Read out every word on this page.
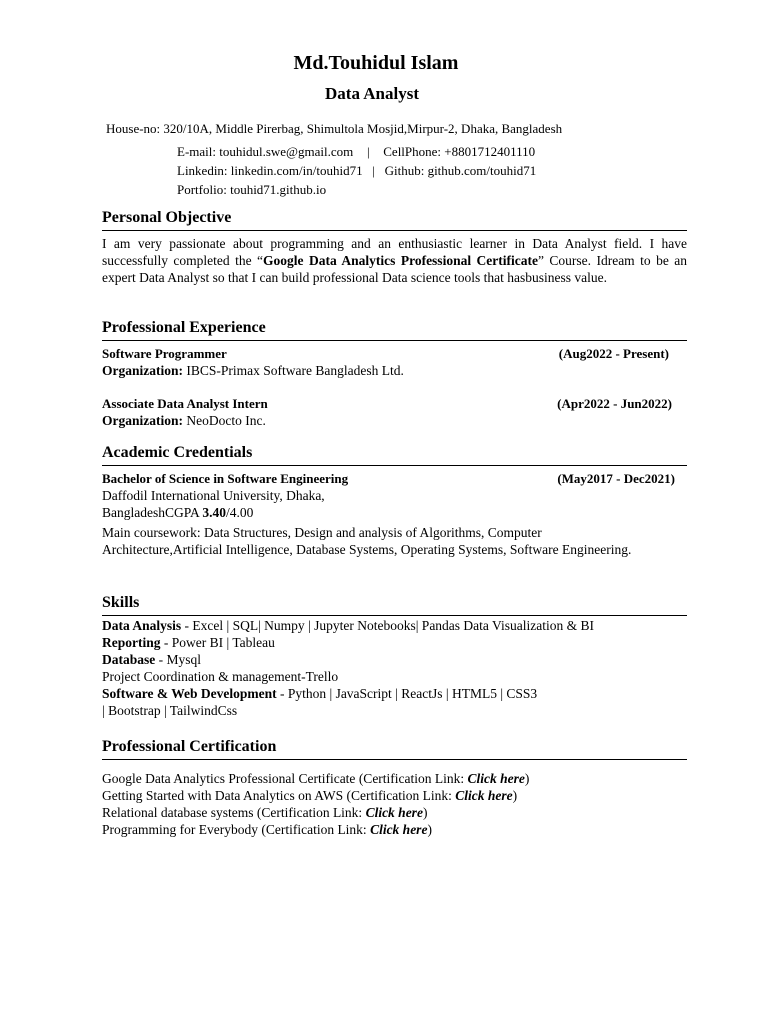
Md.Touhidul Islam
Data Analyst
House-no: 320/10A, Middle Pirerbag, Shimultola Mosjid,Mirpur-2, Dhaka, Bangladesh
E-mail: touhidul.swe@gmail.com | CellPhone: +8801712401110
Linkedin: linkedin.com/in/touhid71 | Github: github.com/touhid71
Portfolio: touhid71.github.io
Personal Objective
I am very passionate about programming and an enthusiastic learner in Data Analyst field. I have successfully completed the “Google Data Analytics Professional Certificate” Course. Idream to be an expert Data Analyst so that I can build professional Data science tools that hasbusiness value.
Professional Experience
Software Programmer	(Aug2022 - Present)
Organization: IBCS-Primax Software Bangladesh Ltd.
Associate Data Analyst Intern	(Apr2022 - Jun2022)
Organization: NeoDocto Inc.
Academic Credentials
Bachelor of Science in Software Engineering	(May2017 - Dec2021)
Daffodil International University, Dhaka,
BangladeshCGPA 3.40/4.00
Main coursework: Data Structures, Design and analysis of Algorithms, Computer Architecture,Artificial Intelligence, Database Systems, Operating Systems, Software Engineering.
Skills
Data Analysis - Excel | SQL| Numpy | Jupyter Notebooks| Pandas Data Visualization & BI
Reporting - Power BI | Tableau
Database - Mysql
Project Coordination & management-Trello
Software & Web Development - Python | JavaScript | ReactJs | HTML5 | CSS3
| Bootstrap | TailwindCss
Professional Certification
Google Data Analytics Professional Certificate (Certification Link: Click here)
Getting Started with Data Analytics on AWS (Certification Link: Click here)
Relational database systems (Certification Link: Click here)
Programming for Everybody (Certification Link: Click here)
